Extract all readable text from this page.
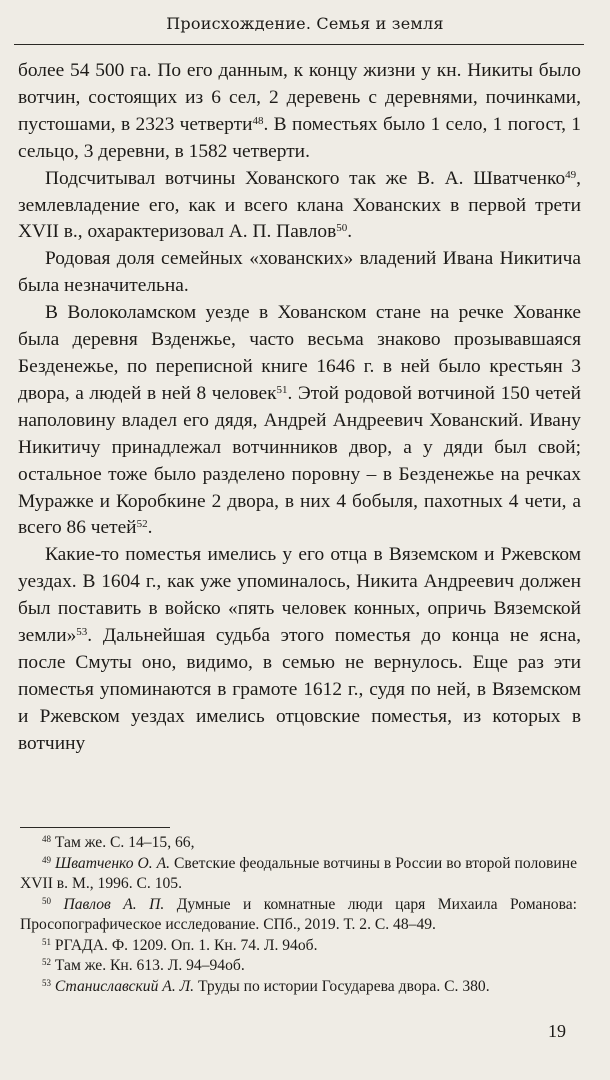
Происхождение. Семья и земля

более 54 500 га. По его данным, к концу жизни у кн. Никиты было вотчин, состоящих из 6 сел, 2 деревень с деревнями, починками, пустошами, в 2323 четверти$^{48}$. В поместьях было 1 село, 1 погост, 1 сельцо, 3 деревни, в 1582 четверти.

Подсчитывал вотчины Хованского так же В. А. Шватченко$^{49}$, землевладение его, как и всего клана Хованских в первой трети XVII в., охарактеризовал А. П. Павлов$^{50}$.

Родовая доля семейных «хованских» владений Ивана Никитича была незначительна.

В Волоколамском уезде в Хованском стане на речке Хованке была деревня Взденжье, часто весьма знаково прозывавшаяся Безденежье, по переписной книге 1646 г. в ней было крестьян 3 двора, а людей в ней 8 человек$^{51}$. Этой родовой вотчиной 150 четей наполовину владел его дядя, Андрей Андреевич Хованский. Ивану Никитичу принадлежал вотчинников двор, а у дяди был свой; остальное тоже было разделено поровну – в Безденежье на речках Муражке и Коробкине 2 двора, в них 4 бобыля, пахотных 4 чети, а всего 86 четей$^{52}$.

Какие-то поместья имелись у его отца в Вяземском и Ржевском уездах. В 1604 г., как уже упоминалось, Никита Андреевич должен был поставить в войско «пять человек конных, опричь Вяземской земли»$^{53}$. Дальнейшая судьба этого поместья до конца не ясна, после Смуты оно, видимо, в семью не вернулось. Еще раз эти поместья упоминаются в грамоте 1612 г., судя по ней, в Вяземском и Ржевском уездах имелись отцовские поместья, из которых в вотчину

$^{48}$ Там же. С. 14–15, 66,

$^{49}$ Шватченко О. А. Светские феодальные вотчины в России во второй половине XVII в. М., 1996. С. 105.

$^{50}$ Павлов А. П. Думные и комнатные люди царя Михаила Романова: Просопографическое исследование. СПб., 2019. Т. 2. С. 48–49.

$^{51}$ РГАДА. Ф. 1209. Оп. 1. Кн. 74. Л. 94об.

$^{52}$ Там же. Кн. 613. Л. 94–94об.

$^{53}$ Станиславский А. Л. Труды по истории Государева двора. С. 380.

19
